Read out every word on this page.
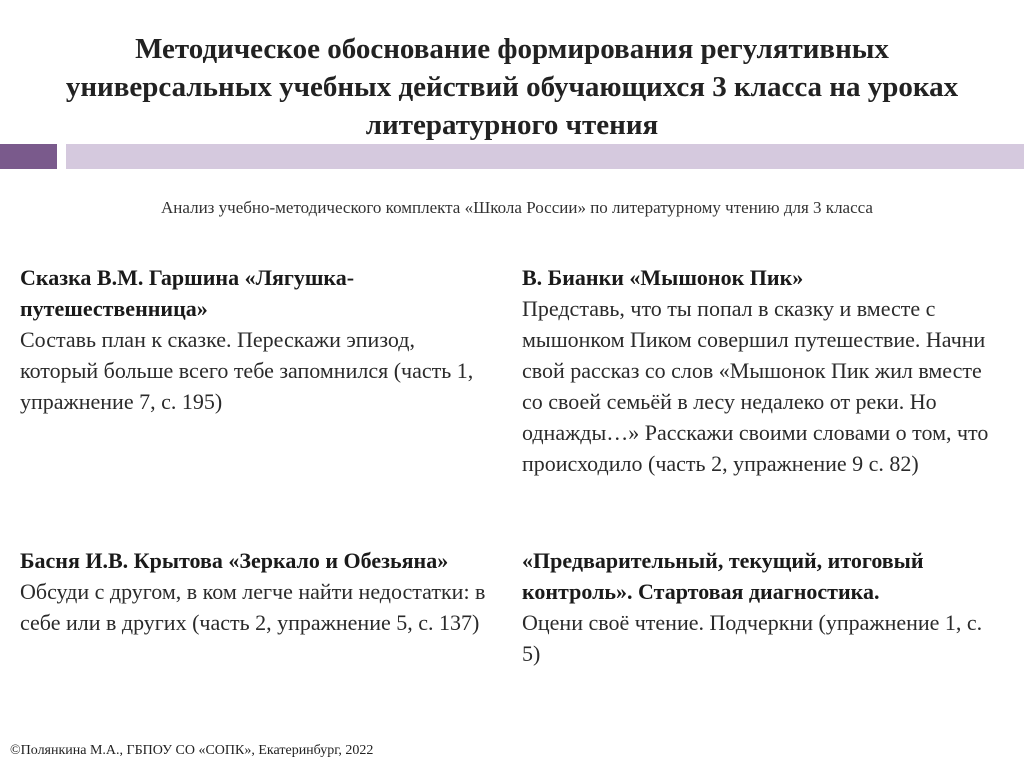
Методическое обоснование формирования регулятивных универсальных учебных действий обучающихся 3 класса на уроках литературного чтения
Анализ учебно-методического комплекта «Школа России» по литературному чтению для 3 класса
Сказка В.М. Гаршина «Лягушка-путешественница»
Составь план к сказке. Перескажи эпизод, который больше всего тебе запомнился (часть 1, упражнение 7, с. 195)
В. Бианки «Мышонок Пик»
Представь, что ты попал в сказку и вместе с мышонком Пиком совершил путешествие. Начни свой рассказ со слов «Мышонок Пик жил вместе со своей семьёй в лесу недалеко от реки. Но однажды…» Расскажи своими словами о том, что происходило (часть 2, упражнение 9 с. 82)
Басня И.В. Крытова «Зеркало и Обезьяна» Обсуди с другом, в ком легче найти недостатки: в себе или в других (часть 2, упражнение 5, с. 137)
«Предварительный, текущий, итоговый контроль». Стартовая диагностика.
Оцени своё чтение. Подчеркни (упражнение 1, с. 5)
©Полянкина М.А., ГБПОУ СО «СОПК», Екатеринбург, 2022
